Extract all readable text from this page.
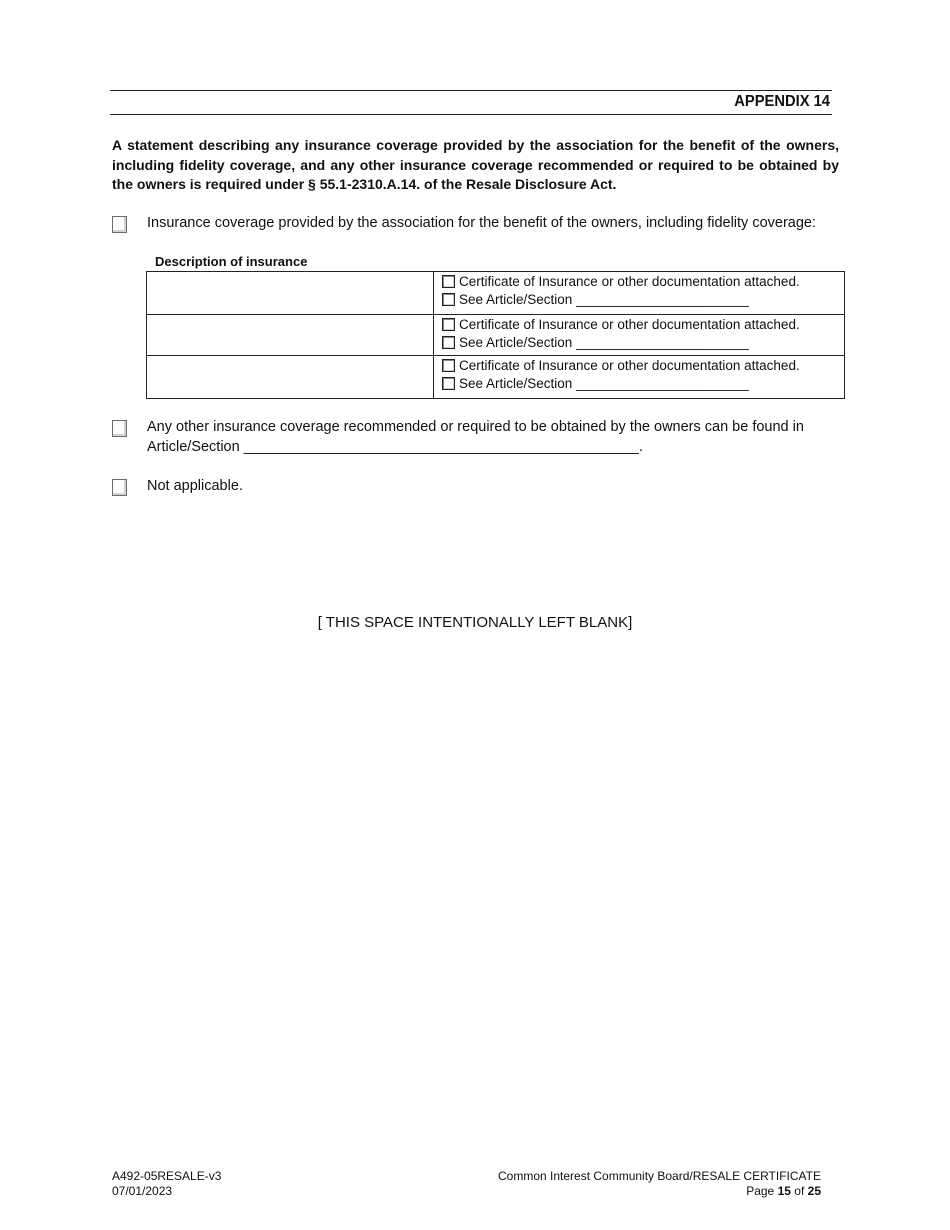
APPENDIX 14
A statement describing any insurance coverage provided by the association for the benefit of the owners, including fidelity coverage, and any other insurance coverage recommended or required to be obtained by the owners is required under § 55.1-2310.A.14. of the Resale Disclosure Act.
Insurance coverage provided by the association for the benefit of the owners, including fidelity coverage:
Description of insurance

	Certificate of Insurance or other documentation attached.
See Article/Section _______________________

	Certificate of Insurance or other documentation attached.
See Article/Section _______________________

	Certificate of Insurance or other documentation attached.
See Article/Section _______________________
Any other insurance coverage recommended or required to be obtained by the owners can be found in
Article/Section _________________________________________________.
Not applicable.
[ THIS SPACE INTENTIONALLY LEFT BLANK]
A492-05RESALE-v3
07/01/2023
Common Interest Community Board/RESALE CERTIFICATE
Page 15 of 25
